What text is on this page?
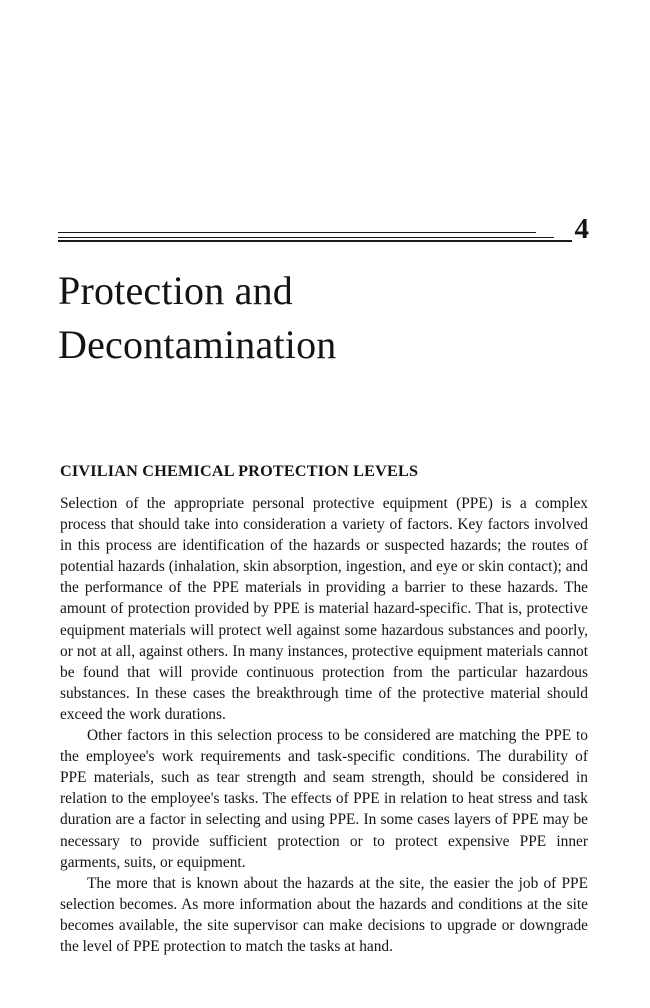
4
Protection and
Decontamination
CIVILIAN CHEMICAL PROTECTION LEVELS

Selection of the appropriate personal protective equipment (PPE) is a complex process that should take into consideration a variety of factors. Key factors involved in this process are identification of the hazards or suspected hazards; the routes of potential hazards (inhalation, skin absorption, ingestion, and eye or skin contact); and the performance of the PPE materials in providing a barrier to these hazards. The amount of protection provided by PPE is material hazard-specific. That is, protective equipment materials will protect well against some hazardous substances and poorly, or not at all, against others. In many instances, protective equipment materials cannot be found that will provide continuous protection from the particular hazardous substances. In these cases the breakthrough time of the protective material should exceed the work durations.

Other factors in this selection process to be considered are matching the PPE to the employee's work requirements and task-specific conditions. The durability of PPE materials, such as tear strength and seam strength, should be considered in relation to the employee's tasks. The effects of PPE in relation to heat stress and task duration are a factor in selecting and using PPE. In some cases layers of PPE may be necessary to provide sufficient protection or to protect expensive PPE inner garments, suits, or equipment.

The more that is known about the hazards at the site, the easier the job of PPE selection becomes. As more information about the hazards and conditions at the site becomes available, the site supervisor can make decisions to upgrade or downgrade the level of PPE protection to match the tasks at hand.
